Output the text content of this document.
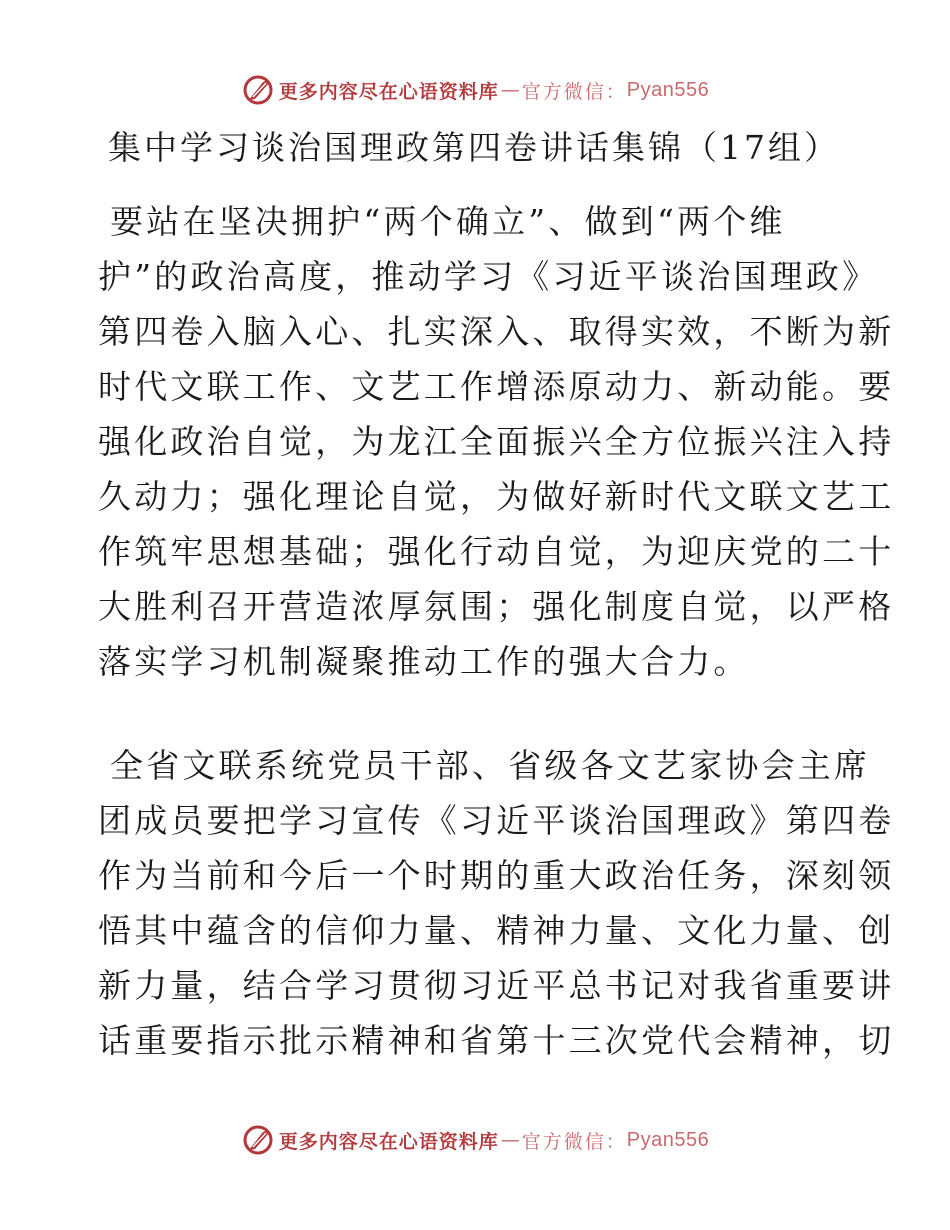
更多内容尽在心语资料库 — 官方微信： Pyan556
集中学习谈治国理政第四卷讲话集锦（17组）
要站在坚决拥护“两个确立”、做到“两个维
护”的政治高度，推动学习《习近平谈治国理政》
第四卷入脑入心、扎实深入、取得实效，不断为新
时代文联工作、文艺工作增添原动力、新动能。要
强化政治自觉，为龙江全面振兴全方位振兴注入持
久动力；强化理论自觉，为做好新时代文联文艺工
作筑牢思想基础；强化行动自觉，为迎庆党的二十
大胜利召开营造浓厚氛围；强化制度自觉，以严格
落实学习机制凝聚推动工作的强大合力。
全省文联系统党员干部、省级各文艺家协会主席
团成员要把学习宣传《习近平谈治国理政》第四卷
作为当前和今后一个时期的重大政治任务，深刻领
悟其中蕴含的信仰力量、精神力量、文化力量、创
新力量，结合学习贯彻习近平总书记对我省重要讲
话重要指示批示精神和省第十三次党代会精神，切
更多内容尽在心语资料库 — 官方微信： Pyan556
